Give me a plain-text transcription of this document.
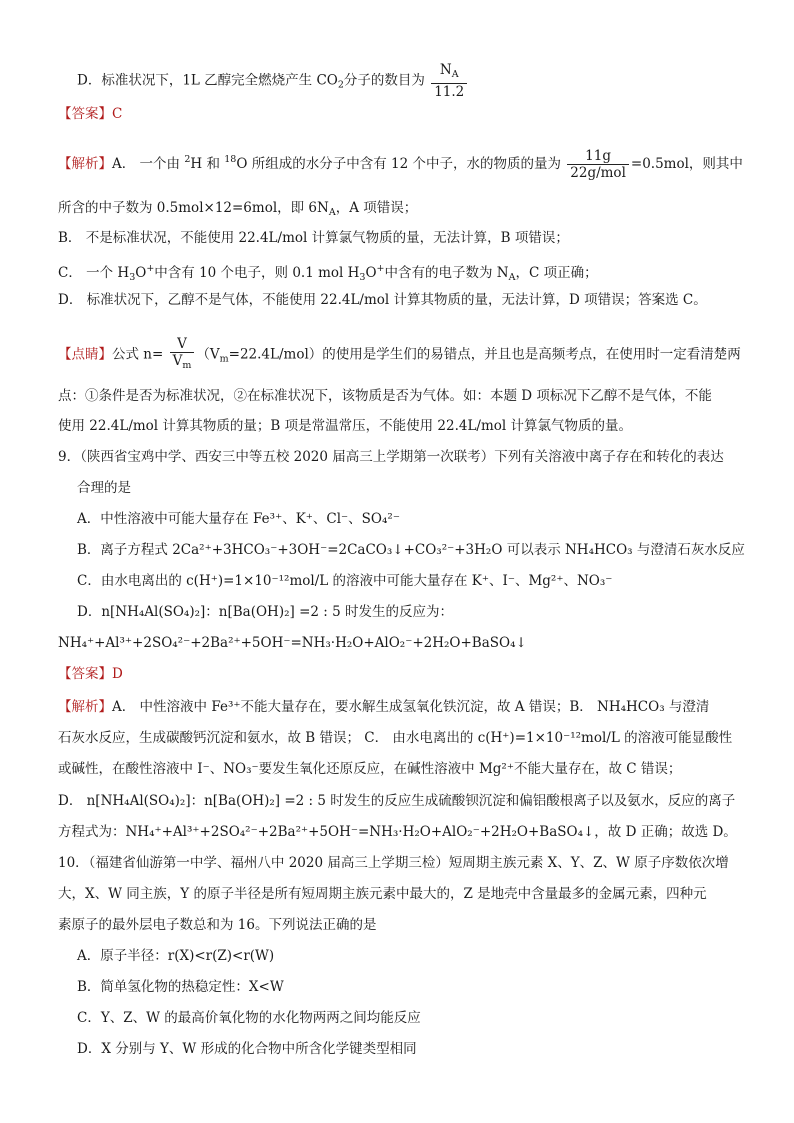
D．标准状况下，1L 乙醇完全燃烧产生 $CO_2$分子的数目为 $\frac{N_A}{11.2}$
【答案】C
【解析】A． 一个由 $^2$H 和 $^{18}$O 所组成的水分子中含有 12 个中子，水的物质的量为 $\frac{11g}{\text{22g/mol}} =0.5mol$，则其中
所含的中子数为 0.5mol×12=6mol，即 $6N_A$，A 项错误；
B． 不是标准状况，不能使用 22.4L/mol 计算氯气物质的量，无法计算，B 项错误；
C． 一个 $H_3O^+$中含有 10 个电子，则 0.1 mol $H_3O^+$中含有的电子数为 $N_A$，C 项正确；
D． 标准状况下，乙醇不是气体，不能使用 22.4L/mol 计算其物质的量，无法计算，D 项错误；答案选 C。
【点睛】公式 $n= \frac{V}{V_m} (V_m=22.4L/mol)$的使用是学生们的易错点，并且也是高频考点，在使用时一定看清楚两
点：①条件是否为标准状况，②在标准状况下，该物质是否为气体。如：本题 D 项标况下乙醇不是气体，不能
使用 22.4L/mol 计算其物质的量；B 项是常温常压，不能使用 22.4L/mol 计算氯气物质的量。
9．（陕西省宝鸡中学、西安三中等五校 2020 届高三上学期第一次联考）下列有关溶液中离子存在和转化的表达
合理的是
A．中性溶液中可能大量存在 Fe³⁺、K⁺、Cl⁻、SO₄²⁻
B．离子方程式 2Ca²⁺+3HCO₃⁻+3OH⁻=2CaCO₃↓+CO₃²⁻+3H₂O 可以表示 NH₄HCO₃ 与澄清石灰水反应
C．由水电离出的 c(H⁺)=1×10⁻¹²mol/L 的溶液中可能大量存在 K⁺、I⁻、Mg²⁺、NO₃⁻
D．n[NH₄Al(SO₄)₂]：n[Ba(OH)₂] =2 : 5 时发生的反应为：
NH₄⁺+Al³⁺+2SO₄²⁻+2Ba²⁺+5OH⁻=NH₃·H₂O+AlO₂⁻+2H₂O+BaSO₄↓
【答案】D
【解析】A． 中性溶液中 Fe³⁺不能大量存在，要水解生成氢氧化铁沉淀，故 A 错误；B． NH₄HCO₃ 与澄清
石灰水反应，生成碳酸钙沉淀和氨水，故 B 错误； C． 由水电离出的 c(H⁺)=1×10⁻¹²mol/L 的溶液可能显酸性
或碱性，在酸性溶液中 I⁻、NO₃⁻要发生氧化还原反应，在碱性溶液中 Mg²⁺不能大量存在，故 C 错误；
D． n[NH₄Al(SO₄)₂]：n[Ba(OH)₂] =2 : 5 时发生的反应生成硫酸钡沉淀和偏铝酸根离子以及氨水，反应的离子
方程式为：NH₄⁺+Al³⁺+2SO₄²⁻+2Ba²⁺+5OH⁻=NH₃·H₂O+AlO₂⁻+2H₂O+BaSO₄↓，故 D 正确；故选 D。
10．（福建省仙游第一中学、福州八中 2020 届高三上学期三检）短周期主族元素 X、Y、Z、W 原子序数依次增
大，X、W 同主族，Y 的原子半径是所有短周期主族元素中最大的，Z 是地壳中含量最多的金属元素，四种元
素原子的最外层电子数总和为 16。下列说法正确的是
A．原子半径：r(X)<r(Z)<r(W)
B．简单氢化物的热稳定性：X<W
C．Y、Z、W 的最高价氧化物的水化物两两之间均能反应
D．X 分别与 Y、W 形成的化合物中所含化学键类型相同
